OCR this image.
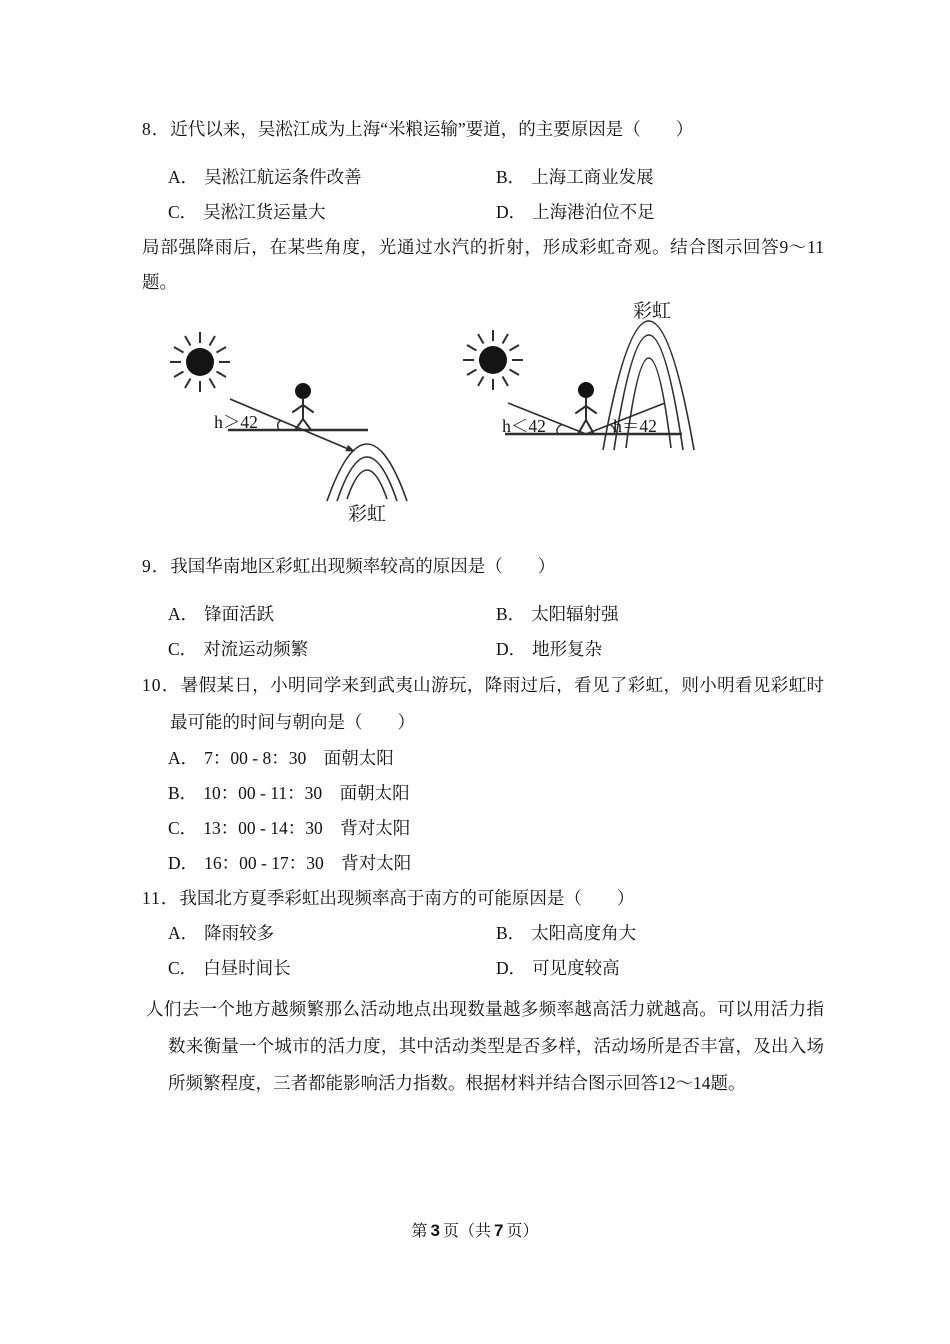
8．近代以来，吴淞江成为上海“米粮运输”要道，的主要原因是（　　）
A． 吴淞江航运条件改善	B． 上海工商业发展
C． 吴淞江货运量大	D． 上海港泊位不足
局部强降雨后，在某些角度，光通过水汽的折射，形成彩虹奇观。结合图示回答9～11题。
h＞42
彩虹
彩虹
h＜42	h＝42
9．我国华南地区彩虹出现频率较高的原因是（　　）
A． 锋面活跃	B． 太阳辐射强
C． 对流运动频繁	D． 地形复杂
10．暑假某日，小明同学来到武夷山游玩，降雨过后，看见了彩虹，则小明看见彩虹时最可能的时间与朝向是（　　）
A． 7：00 - 8：30　面朝太阳
B． 10：00 - 11：30　面朝太阳
C． 13：00 - 14：30　背对太阳
D． 16：00 - 17：30　背对太阳
11．我国北方夏季彩虹出现频率高于南方的可能原因是（　　）
A． 降雨较多	B． 太阳高度角大
C． 白昼时间长	D． 可见度较高
人们去一个地方越频繁那么活动地点出现数量越多频率越高活力就越高。可以用活力指数来衡量一个城市的活力度，其中活动类型是否多样，活动场所是否丰富，及出入场所频繁程度，三者都能影响活力指数。根据材料并结合图示回答12～14题。
第 3 页（共 7 页）
